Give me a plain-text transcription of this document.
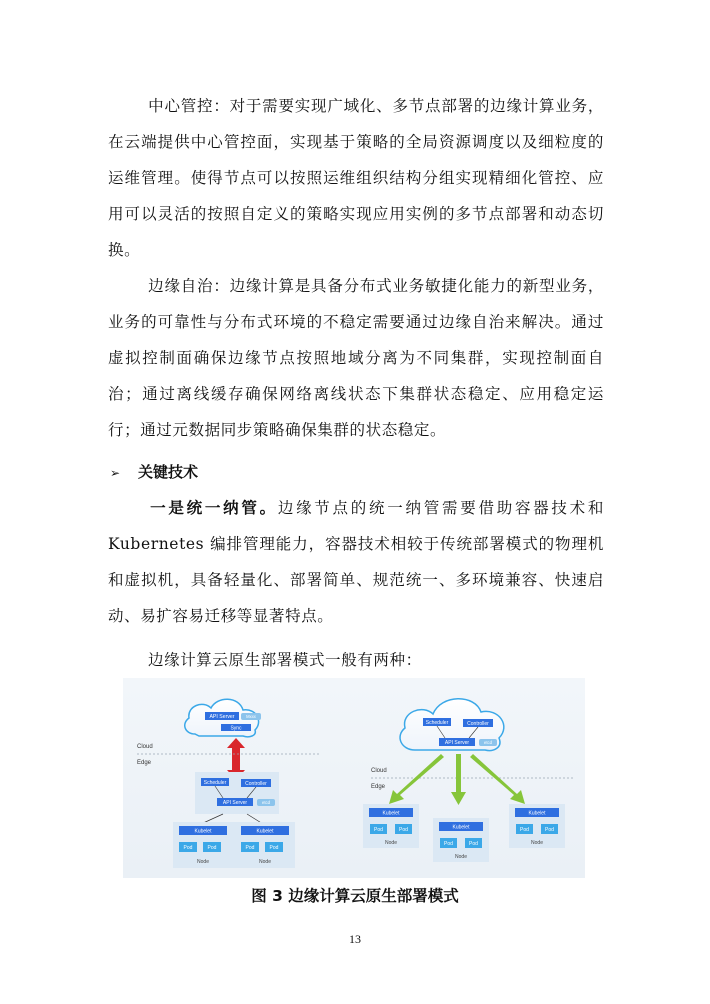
中心管控：对于需要实现广域化、多节点部署的边缘计算业务，在云端提供中心管控面，实现基于策略的全局资源调度以及细粒度的运维管理。使得节点可以按照运维组织结构分组实现精细化管控、应用可以灵活的按照自定义的策略实现应用实例的多节点部署和动态切换。

边缘自治：边缘计算是具备分布式业务敏捷化能力的新型业务，业务的可靠性与分布式环境的不稳定需要通过边缘自治来解决。通过虚拟控制面确保边缘节点按照地域分离为不同集群，实现控制面自治；通过离线缓存确保网络离线状态下集群状态稳定、应用稳定运行；通过元数据同步策略确保集群的状态稳定。

➢ 关键技术

一是统一纳管。边缘节点的统一纳管需要借助容器技术和 Kubernetes 编排管理能力，容器技术相较于传统部署模式的物理机和虚拟机，具备轻量化、部署简单、规范统一、多环境兼容、快速启动、易扩容易迁移等显著特点。

边缘计算云原生部署模式一般有两种：

API Server	Mxxx
Sync
Cloud
Edge
Scheduler	Controller
API Server	etcd
Kubelet
Pod	Pod
Node
Kubelet
Pod	Pod
Node
Scheduler	Controller
API Server	etcd
Cloud
Edge
Kubelet
Pod	Pod
Node
Kubelet
Pod	Pod
Node
Kubelet
Pod	Pod
Node
图 3 边缘计算云原生部署模式
13
